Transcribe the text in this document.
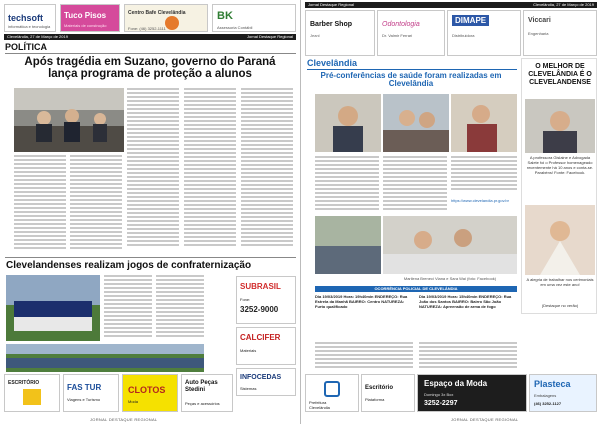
techsoft
informática e tecnologia
Tuco Pisos
Materiais de construção
Centro Bafe Clevelândia
Fone: (46) 3252-1111
BK
Assessoria Contábil
Clevelândia, 27 de Março de 2019	Jornal Destaque Regional
POLÍTICA
Após tragédia em Suzano, governo do Paraná lança programa de proteção a alunos
Clevelandenses realizam jogos de confraternização
SUBRASIL
Fone:
3252-9000
CALCIFER
Materiais
INFOCEDAS
Sistemas
ESCRITÓRIO	FAS TUR
Viagens e Turismo
CLOTOS
Moda
Auto Peças Stedini
Peças e acessórios
JORNAL DESTAQUE REGIONAL
Jornal Destaque Regional	Clevelândia, 27 de Março de 2019
Barber Shop
Jeanl
Odontologia
Dr. Valmir Ferrari
DIMAPE
Distribuidora
Viccari
Engenharia
Clevelândia
Pré-conferências de saúde foram realizadas em Clevelândia
https://www.clevelandia.pr.gov.br
Marilena Breneci Viana e Sara Wai (foto: Facebook)
O MELHOR DE CLEVELÂNDIA É O CLEVELANDENSE
A professora Gislaine e Advogada Salete foi o Professor homenageado recentemente há 10 anos e conta-se. Parabéns! Fonte: Facebook.
A alegria de trabalhar nos cerimoniais em uma vez este ano!
(Destaque no verão)
OCORRÊNCIA POLICIAL DE CLEVELÂNDIA
Dia 19/03/2019 Hora: 19h40min ENDEREÇO: Rua Estrela da Manhã BAIRRO: Centro NATUREZA: Furto qualificado
Dia 19/03/2019 Hora: 15h40min ENDEREÇO: Rua João dos Santos BAIRRO: Bairro São João NATUREZA: Apreensão de arma de fogo
Prefeitura
Clevelândia
Escritório
Plataforma
Espaço da Moda
Domingo 3x Box
3252-2297
Plasteca
Embalagens
(46) 3252-1127
JORNAL DESTAQUE REGIONAL
